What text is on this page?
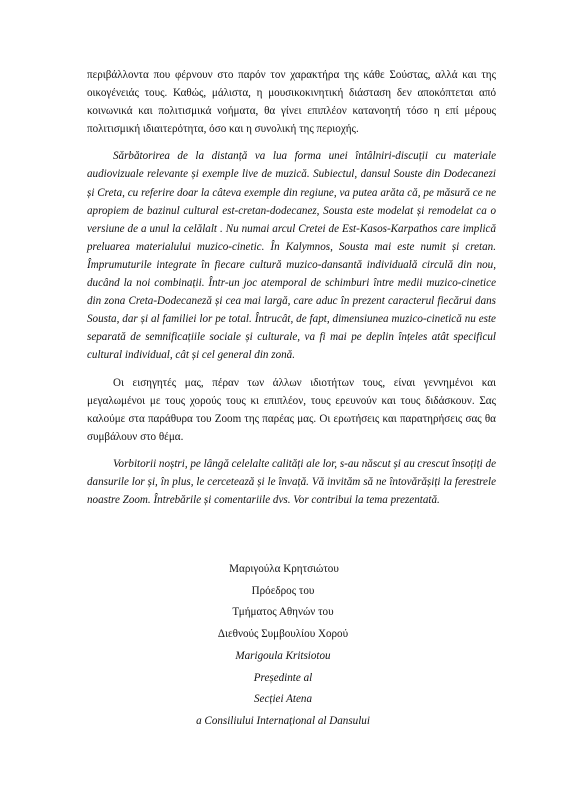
περιβάλλοντα που φέρνουν στο παρόν τον χαρακτήρα της κάθε Σούστας, αλλά και της οικογένειάς τους. Καθώς, μάλιστα, η μουσικοκινητική διάσταση δεν αποκόπτεται από κοινωνικά και πολιτισμικά νοήματα, θα γίνει επιπλέον κατανοητή τόσο η επί μέρους πολιτισμική ιδιαιτερότητα, όσο και η συνολική της περιοχής.

Sărbătorirea de la distanță va lua forma unei întâlniri-discuții cu materiale audiovizuale relevante și exemple live de muzică. Subiectul, dansul Souste din Dodecanezi și Creta, cu referire doar la câteva exemple din regiune, va putea arăta că, pe măsură ce ne apropiem de bazinul cultural est-cretan-dodecanez, Sousta este modelat și remodelat ca o versiune de a unul la celălalt . Nu numai arcul Cretei de Est-Kasos-Karpathos care implică preluarea materialului muzico-cinetic. În Kalymnos, Sousta mai este numit și cretan. Împrumuturile integrate în fiecare cultură muzico-dansantă individuală circulă din nou, ducând la noi combinații. Într-un joc atemporal de schimburi între medii muzico-cinetice din zona Creta-Dodecaneză și cea mai largă, care aduc în prezent caracterul fiecărui dans Sousta, dar și al familiei lor pe total. Întrucât, de fapt, dimensiunea muzico-cinetică nu este separată de semnificațiile sociale și culturale, va fi mai pe deplin înțeles atât specificul cultural individual, cât și cel general din zonă.

Οι εισηγητές μας, πέραν των άλλων ιδιοτήτων τους, είναι γεννημένοι και μεγαλωμένοι με τους χορούς τους κι επιπλέον, τους ερευνούν και τους διδάσκουν. Σας καλούμε στα παράθυρα του Zoom της παρέας μας. Οι ερωτήσεις και παρατηρήσεις σας θα συμβάλουν στο θέμα.

Vorbitorii noștri, pe lângă celelalte calități ale lor, s-au născut și au crescut însoțiți de dansurile lor și, în plus, le cercetează și le învață. Vă invităm să ne întovărășiți la ferestrele noastre Zoom. Întrebările și comentariile dvs. Vor contribui la tema prezentată.

Μαριγούλα Κρητσιώτου
Πρόεδρος του
Τμήματος Αθηνών του
Διεθνούς Συμβουλίου Χορού
Marigoula Kritsiotou
Președinte al
Secției Atena
a Consiliului Internațional al Dansului
